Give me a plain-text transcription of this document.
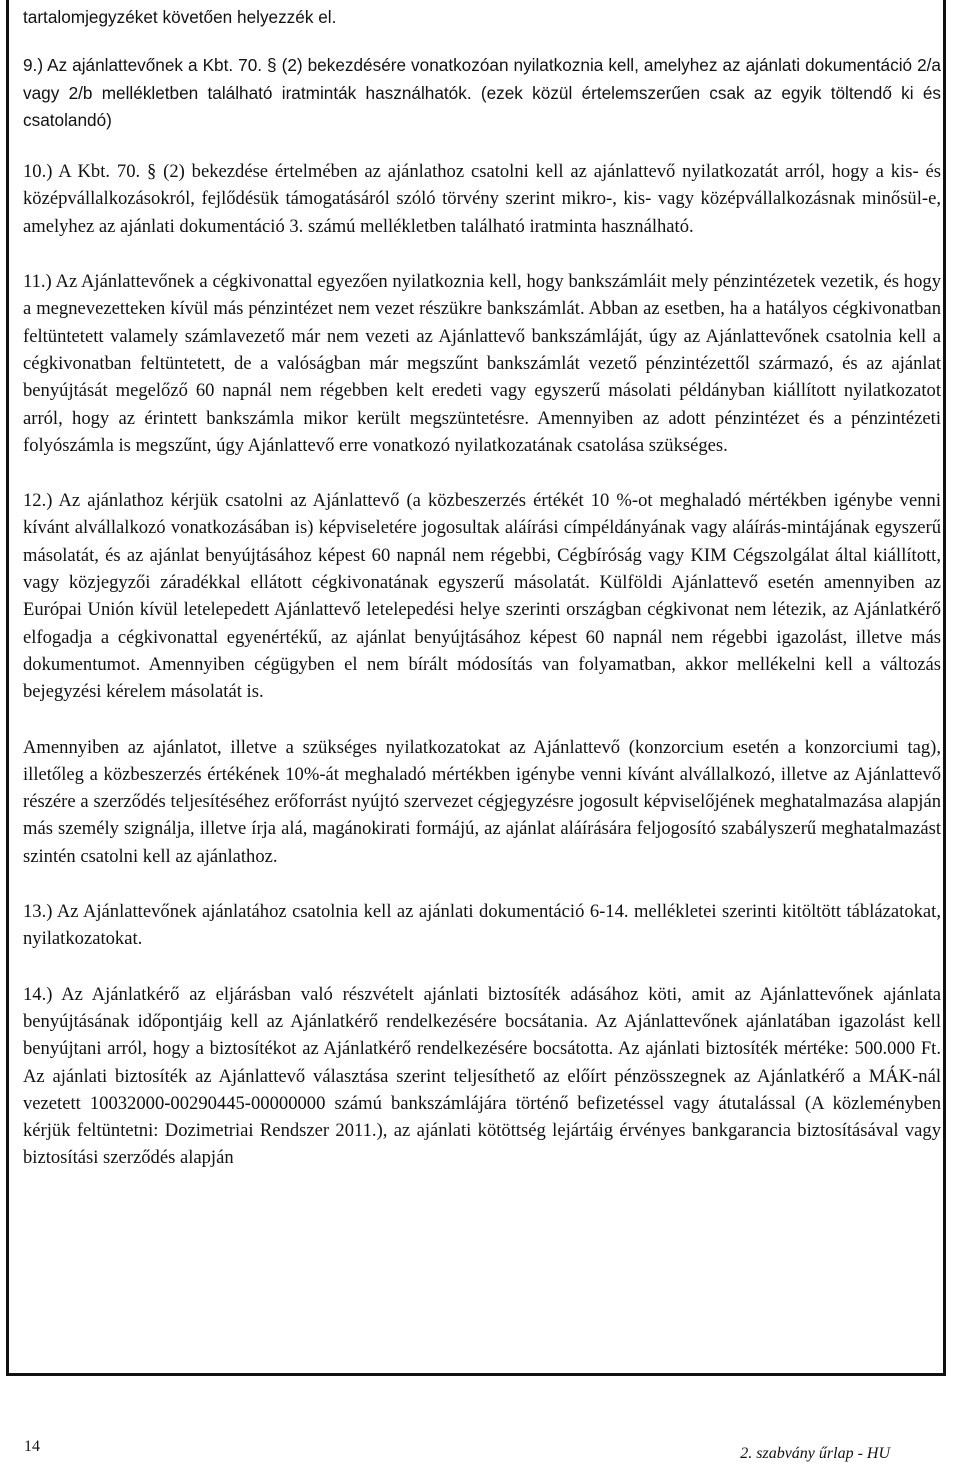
tartalomjegyzéket követően helyezzék el.

9.) Az ajánlattevőnek a Kbt. 70. § (2) bekezdésére vonatkozóan nyilatkoznia kell, amelyhez az ajánlati dokumentáció 2/a vagy 2/b mellékletben található iratminták használhatók. (ezek közül értelemszerűen csak az egyik töltendő ki és csatolandó)

10.) A Kbt. 70. § (2) bekezdése értelmében az ajánlathoz csatolni kell az ajánlattevő nyilatkozatát arról, hogy a kis- és középvállalkozásokról, fejlődésük támogatásáról szóló törvény szerint mikro-, kis- vagy középvállalkozásnak minősül-e, amelyhez az ajánlati dokumentáció 3. számú mellékletben található iratminta használható.

11.) Az Ajánlattevőnek a cégkivonattal egyezően nyilatkoznia kell, hogy bankszámláit mely pénzintézetek vezetik, és hogy a megnevezetteken kívül más pénzintézet nem vezet részükre bankszámlát. Abban az esetben, ha a hatályos cégkivonatban feltüntetett valamely számlavezető már nem vezeti az Ajánlattevő bankszámláját, úgy az Ajánlattevőnek csatolnia kell a cégkivonatban feltüntetett, de a valóságban már megszűnt bankszámlát vezető pénzintézettől származó, és az ajánlat benyújtását megelőző 60 napnál nem régebben kelt eredeti vagy egyszerű másolati példányban kiállított nyilatkozatot arról, hogy az érintett bankszámla mikor került megszüntetésre. Amennyiben az adott pénzintézet és a pénzintézeti folyószámla is megszűnt, úgy Ajánlattevő erre vonatkozó nyilatkozatának csatolása szükséges.

12.) Az ajánlathoz kérjük csatolni az Ajánlattevő (a közbeszerzés értékét 10 %-ot meghaladó mértékben igénybe venni kívánt alvállalkozó vonatkozásában is) képviseletére jogosultak aláírási címpéldányának vagy aláírás-mintájának egyszerű másolatát, és az ajánlat benyújtásához képest 60 napnál nem régebbi, Cégbíróság vagy KIM Cégszolgálat által kiállított, vagy közjegyzői záradékkal ellátott cégkivonatának egyszerű másolatát. Külföldi Ajánlattevő esetén amennyiben az Európai Unión kívül letelepedett Ajánlattevő letelepedési helye szerinti országban cégkivonat nem létezik, az Ajánlatkérő elfogadja a cégkivonattal egyenértékű, az ajánlat benyújtásához képest 60 napnál nem régebbi igazolást, illetve más dokumentumot. Amennyiben cégügyben el nem bírált módosítás van folyamatban, akkor mellékelni kell a változás bejegyzési kérelem másolatát is.

Amennyiben az ajánlatot, illetve a szükséges nyilatkozatokat az Ajánlattevő (konzorcium esetén a konzorciumi tag), illetőleg a közbeszerzés értékének 10%-át meghaladó mértékben igénybe venni kívánt alvállalkozó, illetve az Ajánlattevő részére a szerződés teljesítéséhez erőforrást nyújtó szervezet cégjegyzésre jogosult képviselőjének meghatalmazása alapján más személy szignálja, illetve írja alá, magánokirati formájú, az ajánlat aláírására feljogosító szabályszerű meghatalmazást szintén csatolni kell az ajánlathoz.

13.) Az Ajánlattevőnek ajánlatához csatolnia kell az ajánlati dokumentáció 6-14. mellékletei szerinti kitöltött táblázatokat, nyilatkozatokat.

14.) Az Ajánlatkérő az eljárásban való részvételt ajánlati biztosíték adásához köti, amit az Ajánlattevőnek ajánlata benyújtásának időpontjáig kell az Ajánlatkérő rendelkezésére bocsátania. Az Ajánlattevőnek ajánlatában igazolást kell benyújtani arról, hogy a biztosítékot az Ajánlatkérő rendelkezésére bocsátotta. Az ajánlati biztosíték mértéke: 500.000 Ft. Az ajánlati biztosíték az Ajánlattevő választása szerint teljesíthető az előírt pénzösszegnek az Ajánlatkérő a MÁK-nál vezetett 10032000-00290445-00000000 számú bankszámlájára történő befizetéssel vagy átutalással (A közleményben kérjük feltüntetni: Dozimetriai Rendszer 2011.), az ajánlati kötöttség lejártáig érvényes bankgarancia biztosításával vagy biztosítási szerződés alapján

14	2. szabvány űrlap - HU
